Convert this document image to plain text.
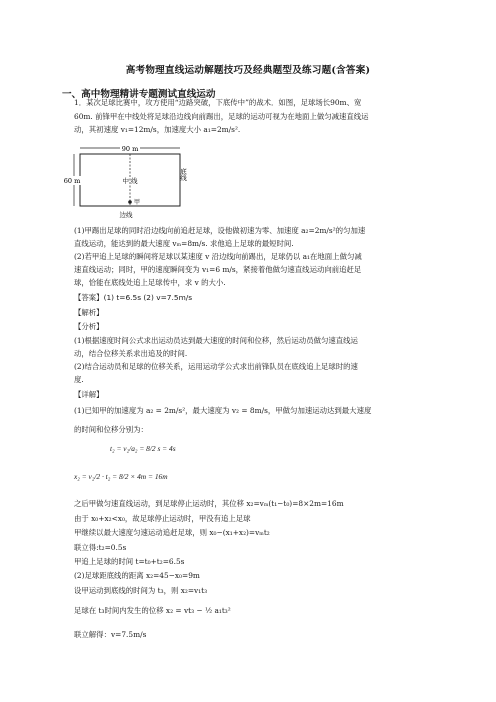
高考物理直线运动解题技巧及经典题型及练习题(含答案)
一、高中物理精讲专题测试直线运动
1．某次足球比赛中，攻方使用“边路突破，下底传中”的战术．如图，足球场长90m、宽
60m. 前锋甲在中线处将足球沿边线向前踢出，足球的运动可视为在地面上做匀减速直线运
动，其初速度 v₁=12m/s，加速度大小 a₁=2m/s².
90 m
60 m	中 线	底线
甲
边线
(1)甲踢出足球的同时沿边线向前追赶足球，设他做初速为零、加速度 a₂=2m/s²的匀加速
直线运动，能达到的最大速度 vₘ=8m/s. 求他追上足球的最短时间.
(2)若甲追上足球的瞬间将足球以某速度 v 沿边线向前踢出，足球仍以 a₁在地面上做匀减
速直线运动；同时，甲的速度瞬间变为 v₁=6 m/s，紧接着他做匀速直线运动向前追赶足
球，恰能在底线处追上足球传中，求 v 的大小.
【答案】(1) t=6.5s (2) v=7.5m/s
【解析】
【分析】
(1)根据速度时间公式求出运动员达到最大速度的时间和位移，然后运动员做匀速直线运
动，结合位移关系求出追及的时间.
(2)结合运动员和足球的位移关系，运用运动学公式求出前锋队员在底线追上足球时的速
度.
【详解】
(1)已知甲的加速度为 a₂ = 2m/s²，最大速度为 v₂ = 8m/s，甲做匀加速运动达到最大速度
的时间和位移分别为：
t₂ = v₂/a₂ = 8/2 s = 4s
x₂ = v₂/2 · t₂ = 8/2 × 4m = 16m
之后甲做匀速直线运动，到足球停止运动时，其位移 x₂=vₘ(t₁−t₀)=8×2m=16m
由于 x₀+x₂<x₀，故足球停止运动时，甲没有追上足球
甲继续以最大速度匀速运动追赶足球，则 x₀−(x₁+x₂)=vₘt₂
联立得:t₂=0.5s
甲追上足球的时间 t=t₀+t₂=6.5s
(2)足球距底线的距离 x₂=45−x₀=9m
设甲运动到底线的时间为 t₃，则 x₂=v₁t₃
足球在 t₃时间内发生的位移 x₂ = vt₃ − ½ a₁t₃²
联立解得：v=7.5m/s
